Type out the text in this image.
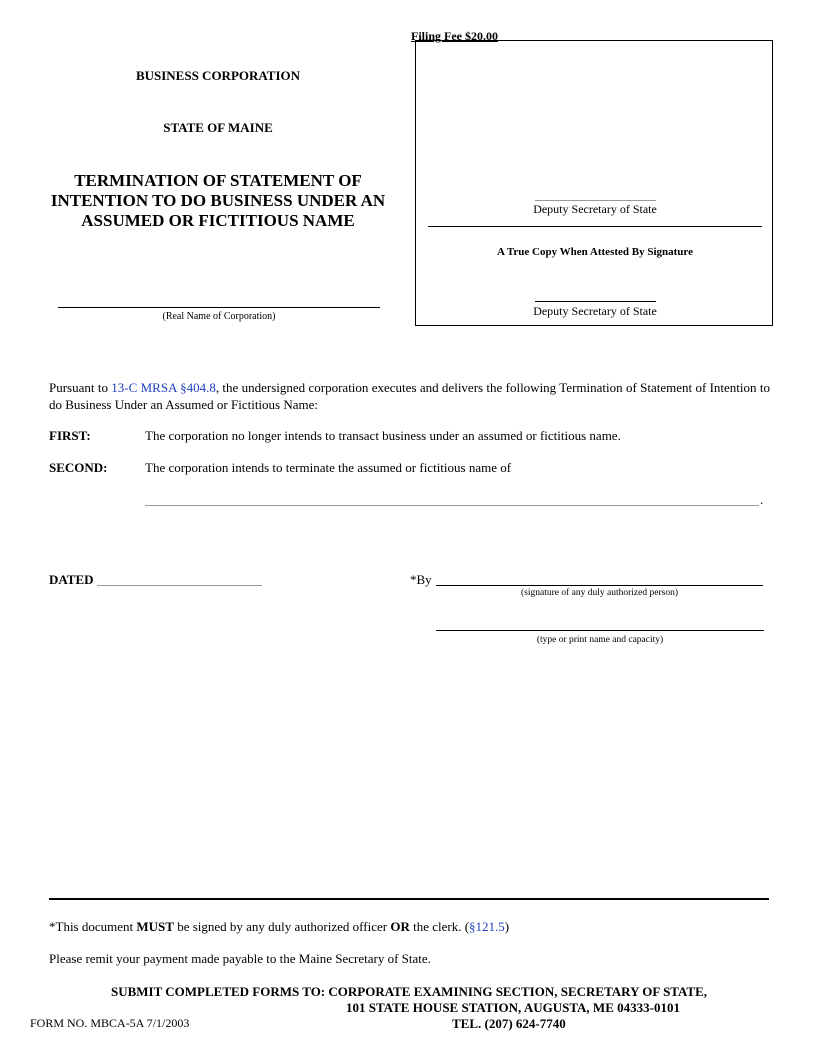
Filing Fee $20.00
BUSINESS CORPORATION
STATE OF MAINE
TERMINATION OF STATEMENT OF INTENTION TO DO BUSINESS UNDER AN ASSUMED OR FICTITIOUS NAME
(Real Name of Corporation)
Deputy Secretary of State
A True Copy When Attested By Signature
Deputy Secretary of State
Pursuant to 13-C MRSA §404.8, the undersigned corporation executes and delivers the following Termination of Statement of Intention to do Business Under an Assumed or Fictitious Name:
FIRST:	The corporation no longer intends to transact business under an assumed or fictitious name.
SECOND:	The corporation intends to terminate the assumed or fictitious name of
.
DATED	*By
(signature of any duly authorized person)
(type or print name and capacity)
*This document MUST be signed by any duly authorized officer OR the clerk. (§121.5)
Please remit your payment made payable to the Maine Secretary of State.
SUBMIT COMPLETED FORMS TO: CORPORATE EXAMINING SECTION, SECRETARY OF STATE,
101 STATE HOUSE STATION, AUGUSTA, ME 04333-0101
FORM NO. MBCA-5A 7/1/2003	TEL. (207) 624-7740
